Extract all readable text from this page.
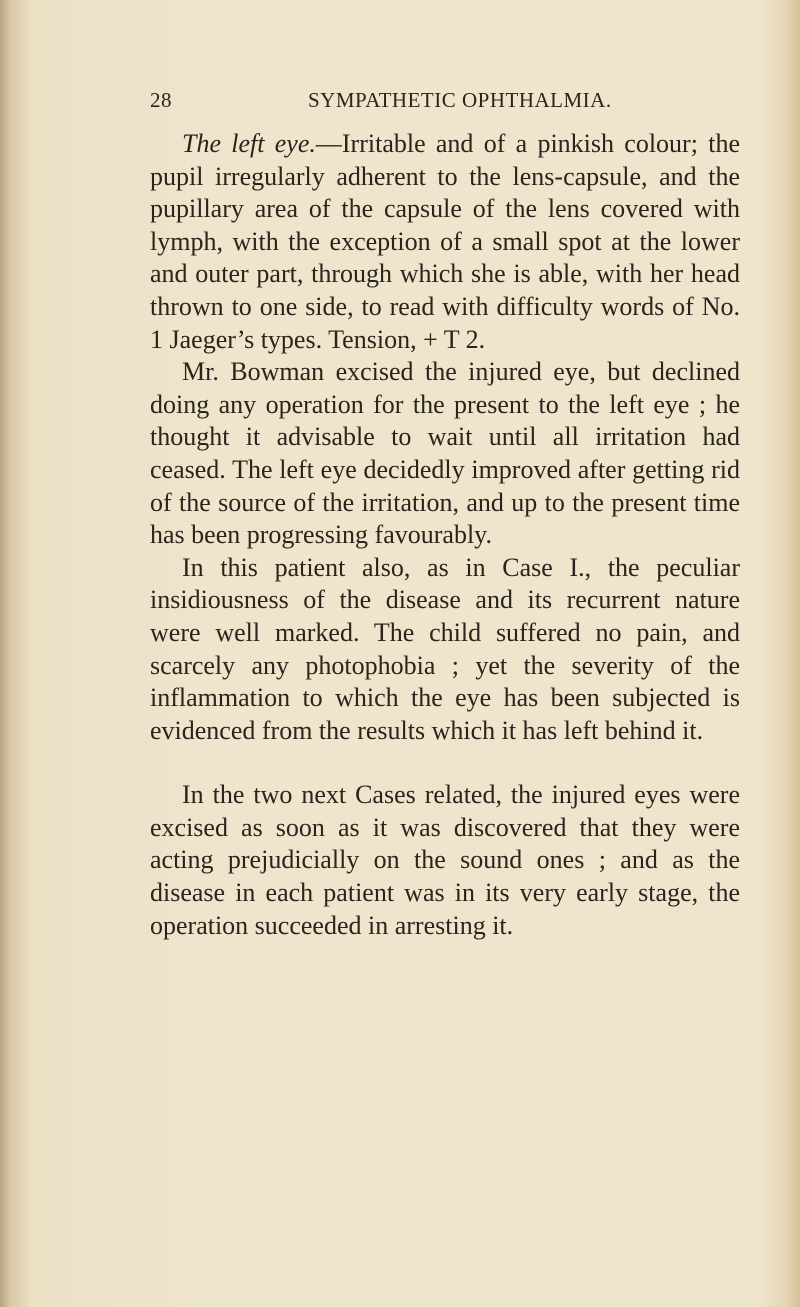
28	SYMPATHETIC OPHTHALMIA.

The left eye.—Irritable and of a pinkish colour; the pupil irregularly adherent to the lens-capsule, and the pupillary area of the capsule of the lens covered with lymph, with the exception of a small spot at the lower and outer part, through which she is able, with her head thrown to one side, to read with difficulty words of No. 1 Jaeger’s types. Tension, + T 2.

Mr. Bowman excised the injured eye, but declined doing any operation for the present to the left eye ; he thought it advisable to wait until all irritation had ceased. The left eye decidedly improved after getting rid of the source of the irritation, and up to the present time has been progressing favourably.

In this patient also, as in Case I., the peculiar insidiousness of the disease and its recurrent nature were well marked. The child suffered no pain, and scarcely any photophobia ; yet the severity of the inflammation to which the eye has been subjected is evidenced from the results which it has left behind it.

In the two next Cases related, the injured eyes were excised as soon as it was discovered that they were acting prejudicially on the sound ones ; and as the disease in each patient was in its very early stage, the operation succeeded in arresting it.
